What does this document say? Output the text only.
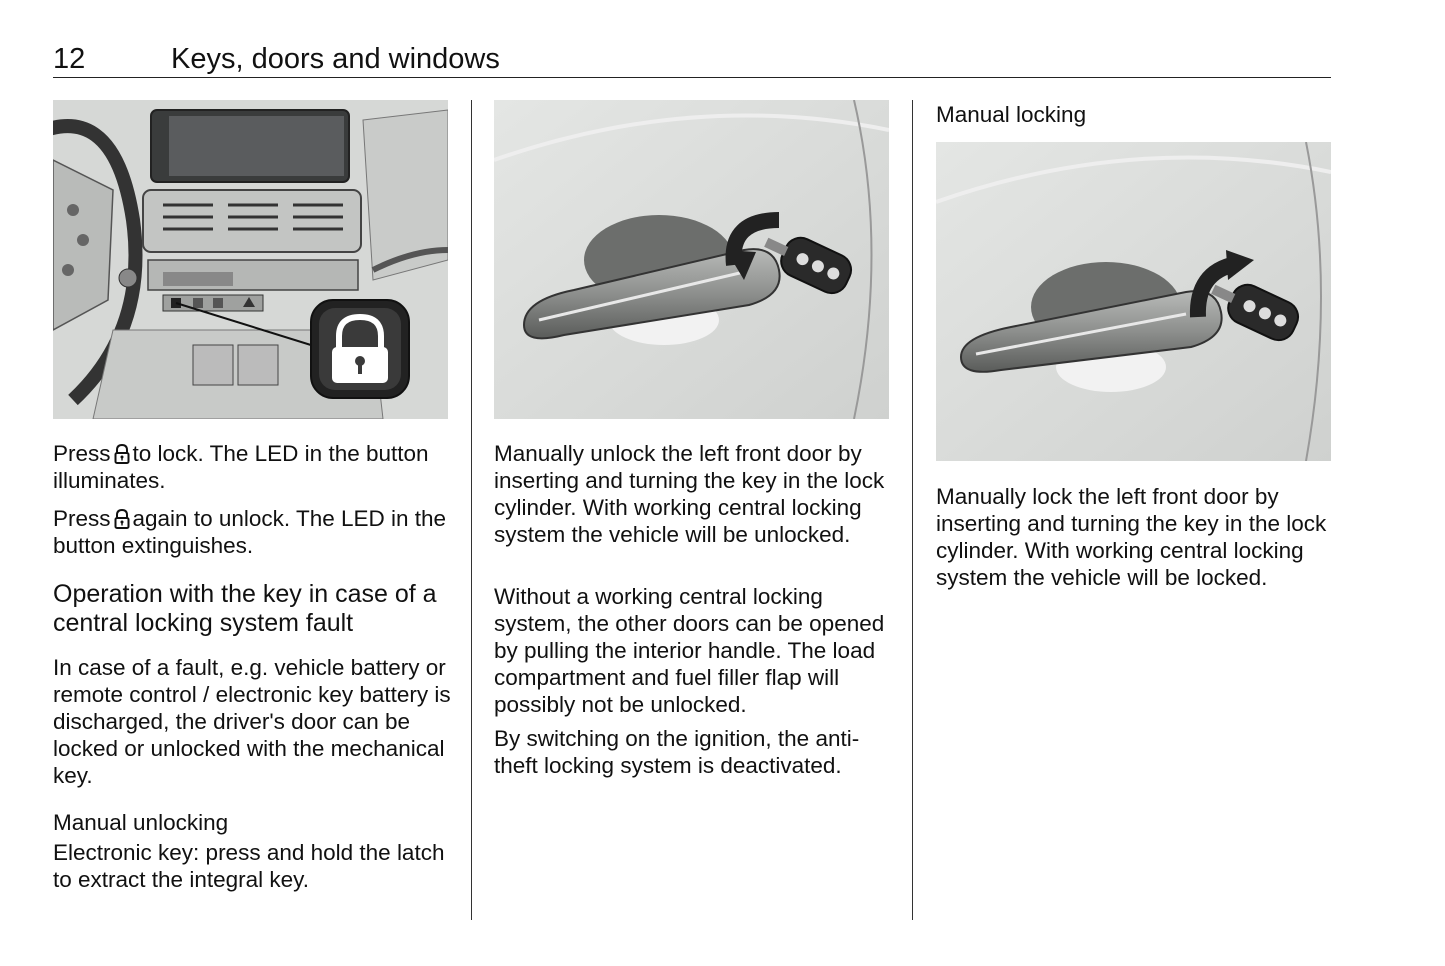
12	Keys, doors and windows

Press to lock. The LED in the button illuminates.

Press again to unlock. The LED in the button extinguishes.

Operation with the key in case of a central locking system fault

In case of a fault, e.g. vehicle battery or remote control / electronic key battery is discharged, the driver's door can be locked or unlocked with the mechanical key.

Manual unlocking

Electronic key: press and hold the latch to extract the integral key.

Manually unlock the left front door by inserting and turning the key in the lock cylinder. With working central locking system the vehicle will be unlocked.

Without a working central locking system, the other doors can be opened by pulling the interior handle. The load compartment and fuel filler flap will possibly not be unlocked.

By switching on the ignition, the anti-theft locking system is deactivated.

Manual locking

Manually lock the left front door by inserting and turning the key in the lock cylinder. With working central locking system the vehicle will be locked.
